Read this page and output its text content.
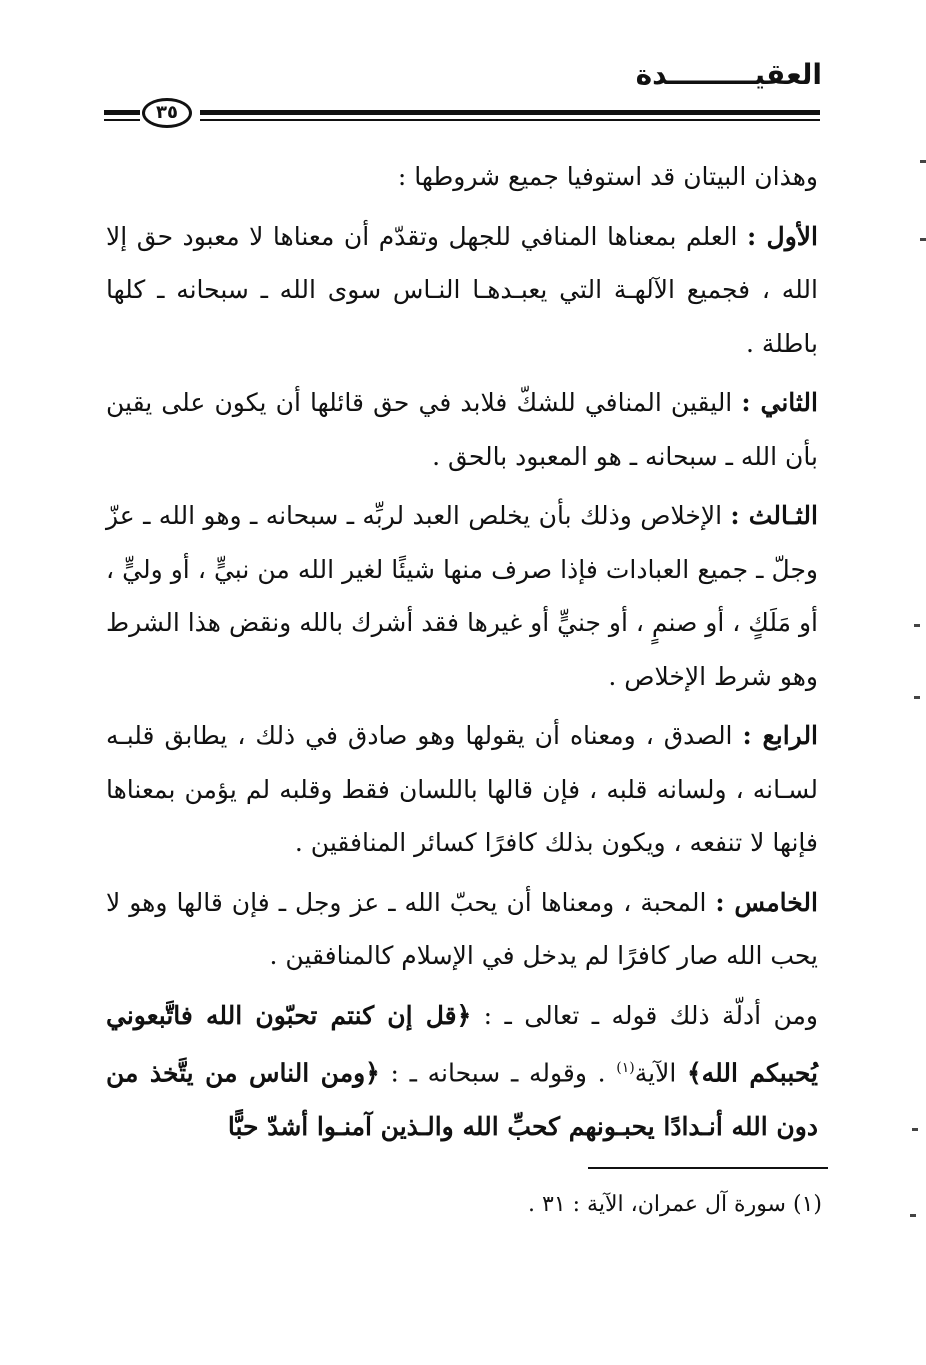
العقيـــــــــدة
٣٥

وهذان البيتان قد استوفيا جميع شروطها :

الأول : العلم بمعناها المنافي للجهل وتقدّم أن معناها لا معبود حق إلا الله ، فجميع الآلهـة التي يعبـدهـا النـاس سوى الله ـ سبحانه ـ كلها باطلة .

الثاني : اليقين المنافي للشكّ فلابد في حق قائلها أن يكون على يقين بأن الله ـ سبحانه ـ هو المعبود بالحق .

الثـالث : الإخلاص وذلك بأن يخلص العبد لربِّه ـ سبحانه ـ وهو الله ـ عزّ وجلّ ـ جميع العبادات فإذا صرف منها شيئًا لغير الله من نبيٍّ ، أو وليٍّ ، أو مَلَكٍ ، أو صنمٍ ، أو جنيٍّ أو غيرها فقد أشرك بالله ونقض هذا الشرط وهو شرط الإخلاص .

الرابع : الصدق ، ومعناه أن يقولها وهو صادق في ذلك ، يطابق قلبـه لسـانه ، ولسانه قلبه ، فإن قالها باللسان فقط وقلبه لم يؤمن بمعناها فإنها لا تنفعه ، ويكون بذلك كافرًا كسائر المنافقين .

الخامس : المحبة ، ومعناها أن يحبّ الله ـ عز وجل ـ فإن قالها وهو لا يحب الله صار كافرًا لم يدخل في الإسلام كالمنافقين .

ومن أدلّة ذلك قوله ـ تعالى ـ : ﴿قل إن كنتم تحبّون الله فاتَّبعوني يُحببكم الله﴾ الآية$^{(١)}$ . وقوله ـ سبحانه ـ : ﴿ومن الناس من يتَّخذ من دون الله أنـدادًا يحبـونهم كحبِّ الله والـذين آمنـوا أشدّ حبًّا

(١) سورة آل عمران، الآية : ٣١ .
